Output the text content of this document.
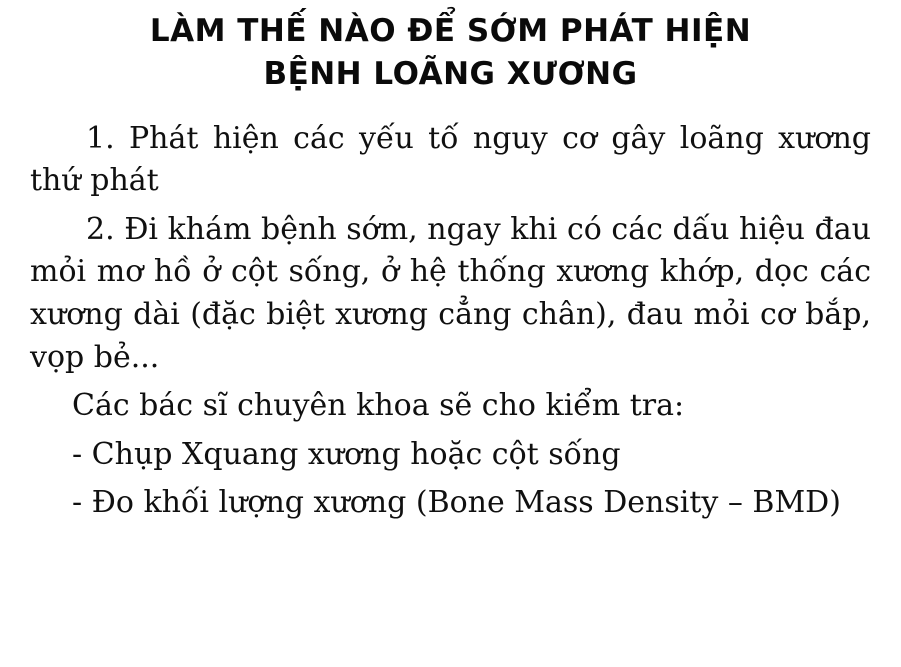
LÀM THẾ NÀO ĐỂ SỚM PHÁT HIỆN
BỆNH LOÃNG XƯƠNG

1. Phát hiện các yếu tố nguy cơ gây loãng xương thứ phát

2. Đi khám bệnh sớm, ngay khi có các dấu hiệu đau mỏi mơ hồ ở cột sống, ở hệ thống xương khớp, dọc các xương dài (đặc biệt xương cẳng chân), đau mỏi cơ bắp, vọp bẻ...

Các bác sĩ chuyên khoa sẽ cho kiểm tra:

- Chụp Xquang xương hoặc cột sống

- Đo khối lượng xương (Bone Mass Density – BMD)
